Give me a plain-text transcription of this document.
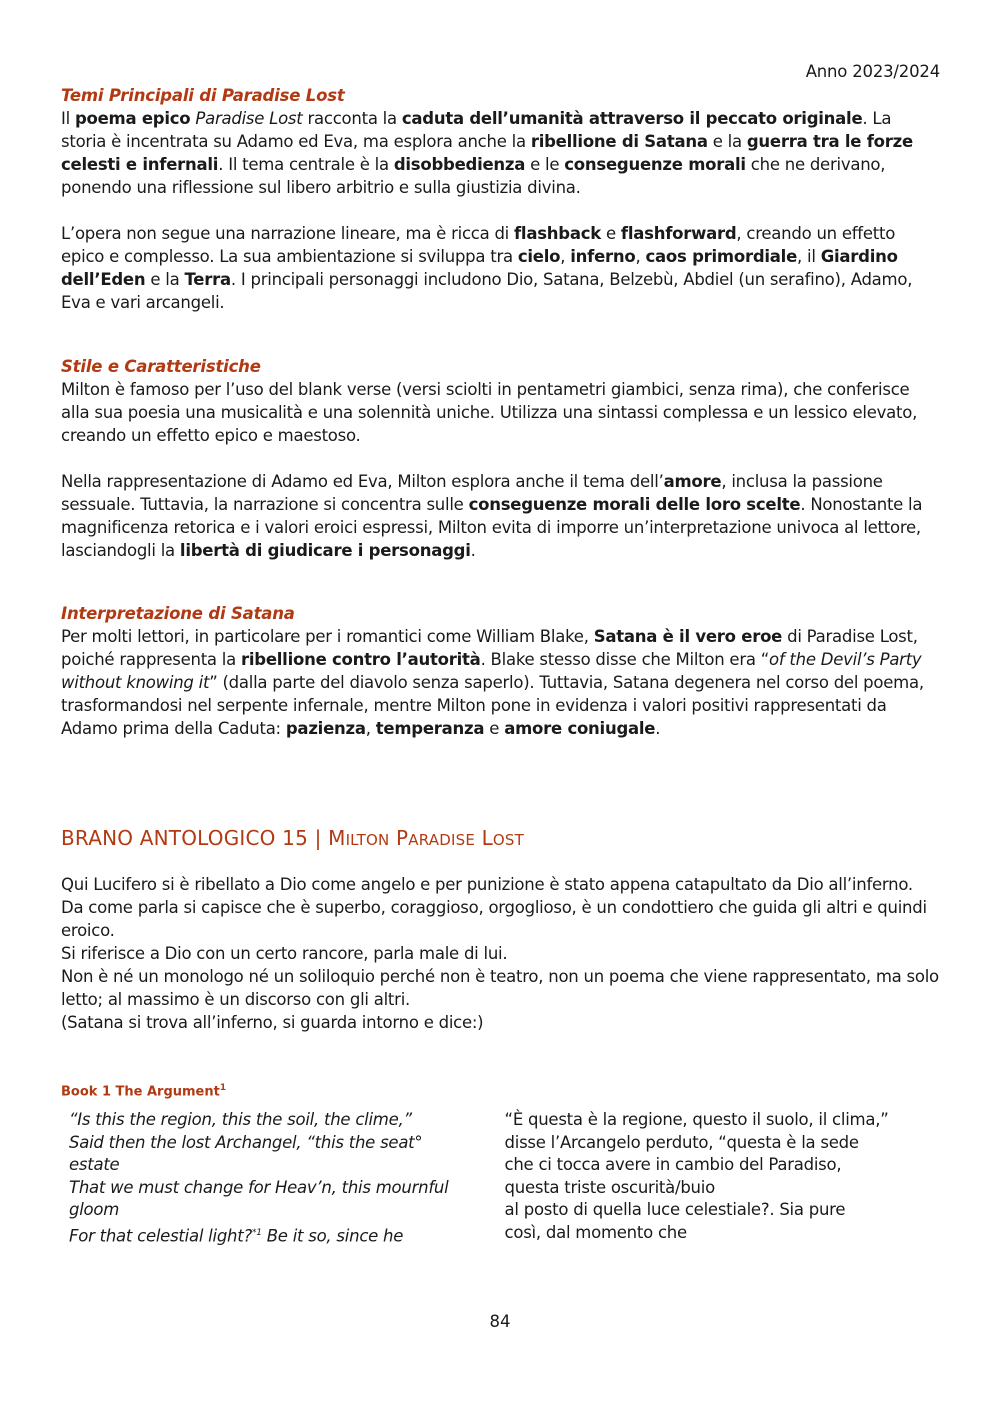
Anno 2023/2024
Temi Principali di Paradise Lost

Il poema epico Paradise Lost racconta la caduta dell’umanità attraverso il peccato originale. La storia è incentrata su Adamo ed Eva, ma esplora anche la ribellione di Satana e la guerra tra le forze celesti e infernali. Il tema centrale è la disobbedienza e le conseguenze morali che ne derivano, ponendo una riflessione sul libero arbitrio e sulla giustizia divina.

L’opera non segue una narrazione lineare, ma è ricca di flashback e flashforward, creando un effetto epico e complesso. La sua ambientazione si sviluppa tra cielo, inferno, caos primordiale, il Giardino dell’Eden e la Terra. I principali personaggi includono Dio, Satana, Belzebù, Abdiel (un serafino), Adamo, Eva e vari arcangeli.

Stile e Caratteristiche

Milton è famoso per l’uso del blank verse (versi sciolti in pentametri giambici, senza rima), che conferisce alla sua poesia una musicalità e una solennità uniche. Utilizza una sintassi complessa e un lessico elevato, creando un effetto epico e maestoso.

Nella rappresentazione di Adamo ed Eva, Milton esplora anche il tema dell’amore, inclusa la passione sessuale. Tuttavia, la narrazione si concentra sulle conseguenze morali delle loro scelte. Nonostante la magnificenza retorica e i valori eroici espressi, Milton evita di imporre un’interpretazione univoca al lettore, lasciandogli la libertà di giudicare i personaggi.

Interpretazione di Satana

Per molti lettori, in particolare per i romantici come William Blake, Satana è il vero eroe di Paradise Lost, poiché rappresenta la ribellione contro l’autorità. Blake stesso disse che Milton era “of the Devil’s Party without knowing it” (dalla parte del diavolo senza saperlo). Tuttavia, Satana degenera nel corso del poema, trasformandosi nel serpente infernale, mentre Milton pone in evidenza i valori positivi rappresentati da Adamo prima della Caduta: pazienza, temperanza e amore coniugale.

BRANO ANTOLOGICO 15 | MILTON PARADISE LOST

Qui Lucifero si è ribellato a Dio come angelo e per punizione è stato appena catapultato da Dio all’inferno.

Da come parla si capisce che è superbo, coraggioso, orgoglioso, è un condottiero che guida gli altri e quindi eroico.

Si riferisce a Dio con un certo rancore, parla male di lui.

Non è né un monologo né un soliloquio perché non è teatro, non un poema che viene rappresentato, ma solo letto; al massimo è un discorso con gli altri.

(Satana si trova all’inferno, si guarda intorno e dice:)

Book 1 The Argument$^1$
“Is this the region, this the soil, the clime,”
Said then the lost Archangel, “this the seat°
estate
That we must change for Heav’n, this mournful
gloom
For that celestial light?$^{*1}$ Be it so, since he
“È questa è la regione, questo il suolo, il clima,”
disse l’Arcangelo perduto, “questa è la sede
che ci tocca avere in cambio del Paradiso,
questa triste oscurità/buio
al posto di quella luce celestiale?. Sia pure
così, dal momento che
84
